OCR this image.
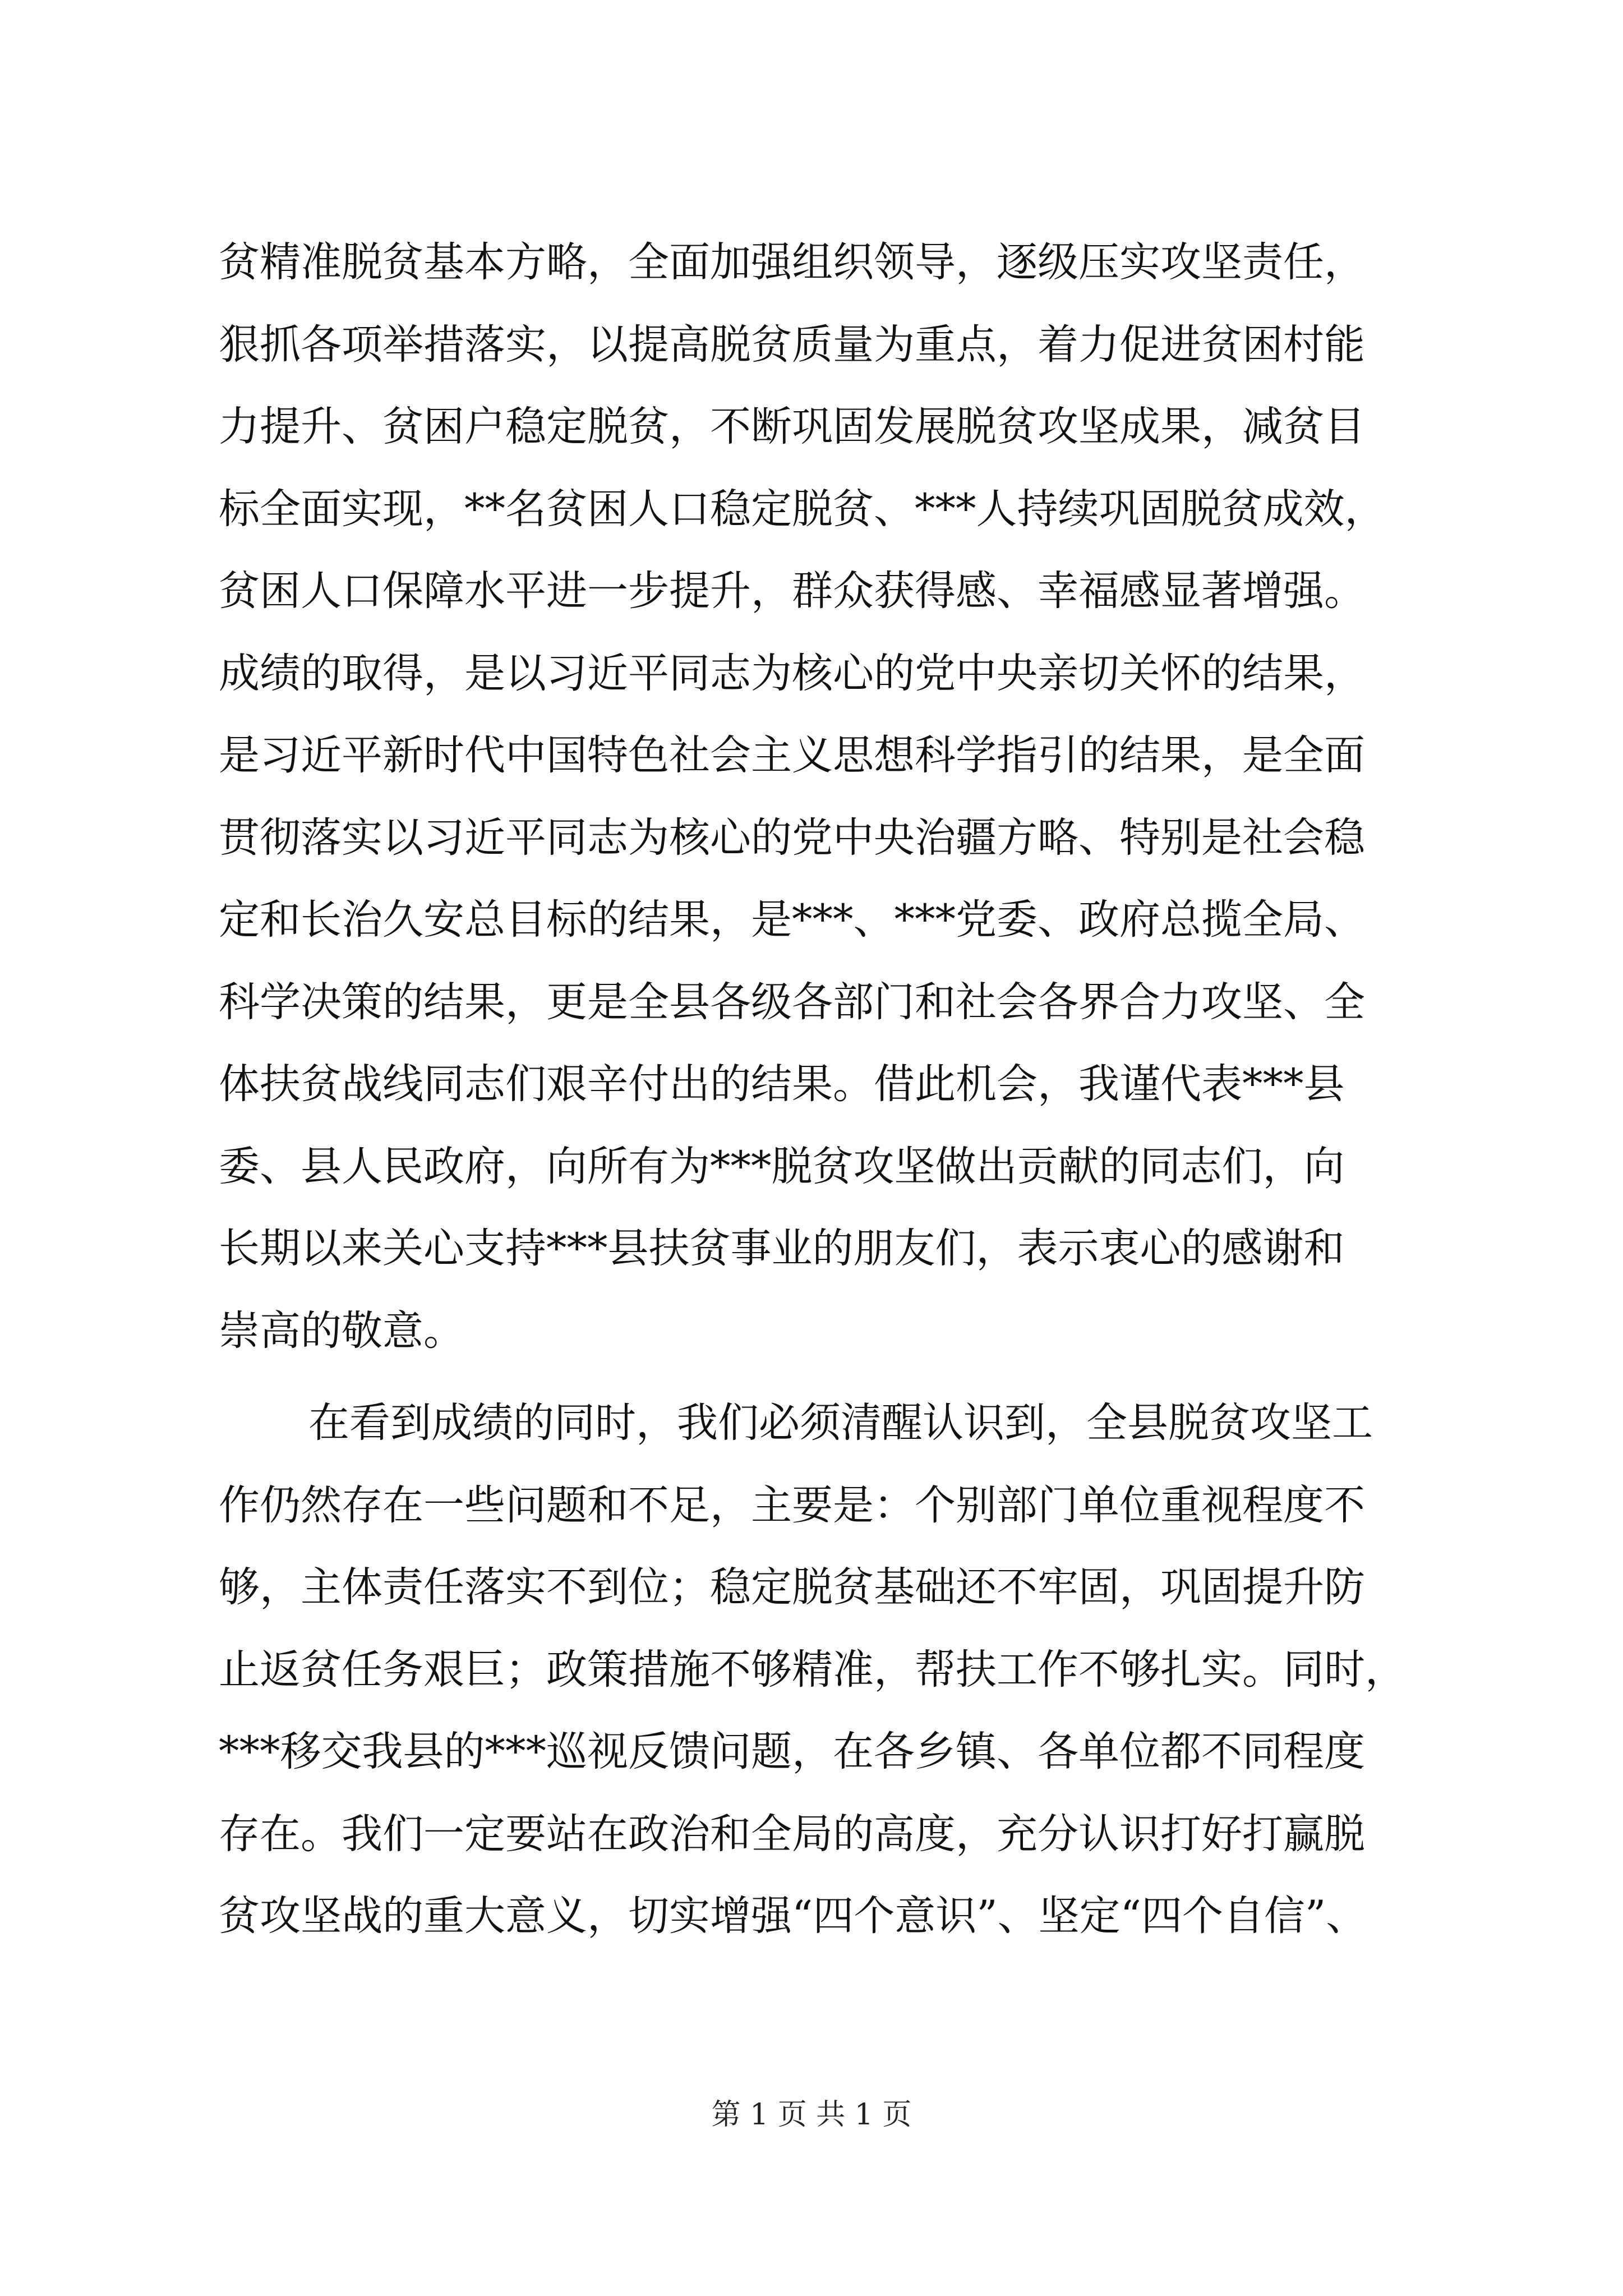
贫精准脱贫基本方略，全面加强组织领导，逐级压实攻坚责任，
狠抓各项举措落实，以提高脱贫质量为重点，着力促进贫困村能
力提升、贫困户稳定脱贫，不断巩固发展脱贫攻坚成果，减贫目
标全面实现，**名贫困人口稳定脱贫、***人持续巩固脱贫成效，
贫困人口保障水平进一步提升，群众获得感、幸福感显著增强。
成绩的取得，是以习近平同志为核心的党中央亲切关怀的结果，
是习近平新时代中国特色社会主义思想科学指引的结果，是全面
贯彻落实以习近平同志为核心的党中央治疆方略、特别是社会稳
定和长治久安总目标的结果，是***、***党委、政府总揽全局、
科学决策的结果，更是全县各级各部门和社会各界合力攻坚、全
体扶贫战线同志们艰辛付出的结果。借此机会，我谨代表***县
委、县人民政府，向所有为***脱贫攻坚做出贡献的同志们，向
长期以来关心支持***县扶贫事业的朋友们，表示衷心的感谢和
崇高的敬意。
在看到成绩的同时，我们必须清醒认识到，全县脱贫攻坚工
作仍然存在一些问题和不足，主要是：个别部门单位重视程度不
够，主体责任落实不到位；稳定脱贫基础还不牢固，巩固提升防
止返贫任务艰巨；政策措施不够精准，帮扶工作不够扎实。同时，
***移交我县的***巡视反馈问题，在各乡镇、各单位都不同程度
存在。我们一定要站在政治和全局的高度，充分认识打好打赢脱
贫攻坚战的重大意义，切实增强“四个意识”、坚定“四个自信”、
第 1 页 共 1 页
